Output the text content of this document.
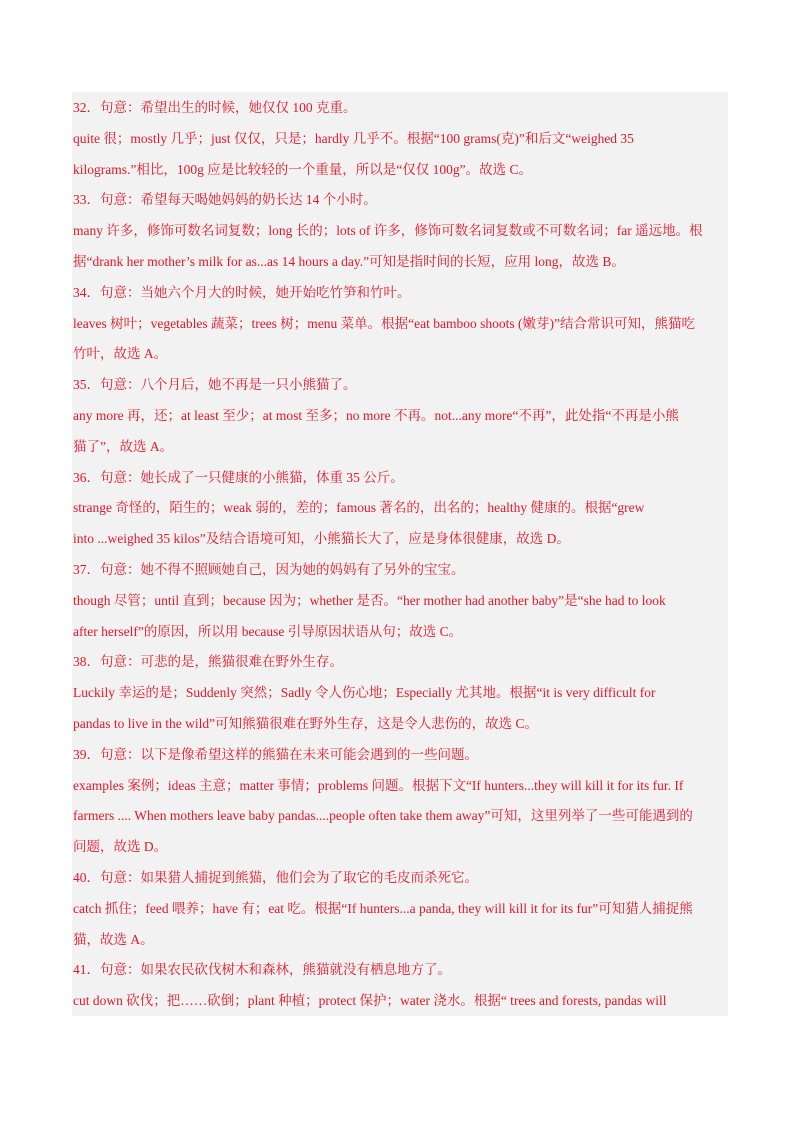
32．句意：希望出生的时候，她仅仅 100 克重。
quite 很；mostly 几乎；just 仅仅，只是；hardly 几乎不。根据“100 grams(克)”和后文“weighed 35
kilograms.”相比，100g 应是比较轻的一个重量，所以是“仅仅 100g”。故选 C。
33．句意：希望每天喝她妈妈的奶长达 14 个小时。
many 许多，修饰可数名词复数；long 长的；lots of 许多，修饰可数名词复数或不可数名词；far 遥远地。根
据“drank her mother’s milk for as...as 14 hours a day.”可知是指时间的长短，应用 long，故选 B。
34．句意：当她六个月大的时候，她开始吃竹笋和竹叶。
leaves 树叶；vegetables 蔬菜；trees 树；menu 菜单。根据“eat bamboo shoots (嫩芽)”结合常识可知，熊猫吃
竹叶，故选 A。
35．句意：八个月后，她不再是一只小熊猫了。
any more 再，还；at least 至少；at most 至多；no more 不再。not...any more“不再”，此处指“不再是小熊
猫了”，故选 A。
36．句意：她长成了一只健康的小熊猫，体重 35 公斤。
strange 奇怪的，陌生的；weak 弱的，差的；famous 著名的，出名的；healthy 健康的。根据“grew
into ...weighed 35 kilos”及结合语境可知，小熊猫长大了，应是身体很健康，故选 D。
37．句意：她不得不照顾她自己，因为她的妈妈有了另外的宝宝。
though 尽管；until 直到；because 因为；whether 是否。“her mother had another baby”是“she had to look
after herself”的原因，所以用 because 引导原因状语从句；故选 C。
38．句意：可悲的是，熊猫很难在野外生存。
Luckily 幸运的是；Suddenly 突然；Sadly 令人伤心地；Especially 尤其地。根据“it is very difficult for
pandas to live in the wild”可知熊猫很难在野外生存，这是令人悲伤的，故选 C。
39．句意：以下是像希望这样的熊猫在未来可能会遇到的一些问题。
examples 案例；ideas 主意；matter 事情；problems 问题。根据下文“If hunters...they will kill it for its fur. If
farmers .... When mothers leave baby pandas....people often take them away”可知，这里列举了一些可能遇到的
问题，故选 D。
40．句意：如果猎人捕捉到熊猫，他们会为了取它的毛皮而杀死它。
catch 抓住；feed 喂养；have 有；eat 吃。根据“If hunters...a panda, they will kill it for its fur”可知猎人捕捉熊
猫，故选 A。
41．句意：如果农民砍伐树木和森林，熊猫就没有栖息地方了。
cut down 砍伐；把……砍倒；plant 种植；protect 保护；water 浇水。根据“ trees and forests, pandas will
